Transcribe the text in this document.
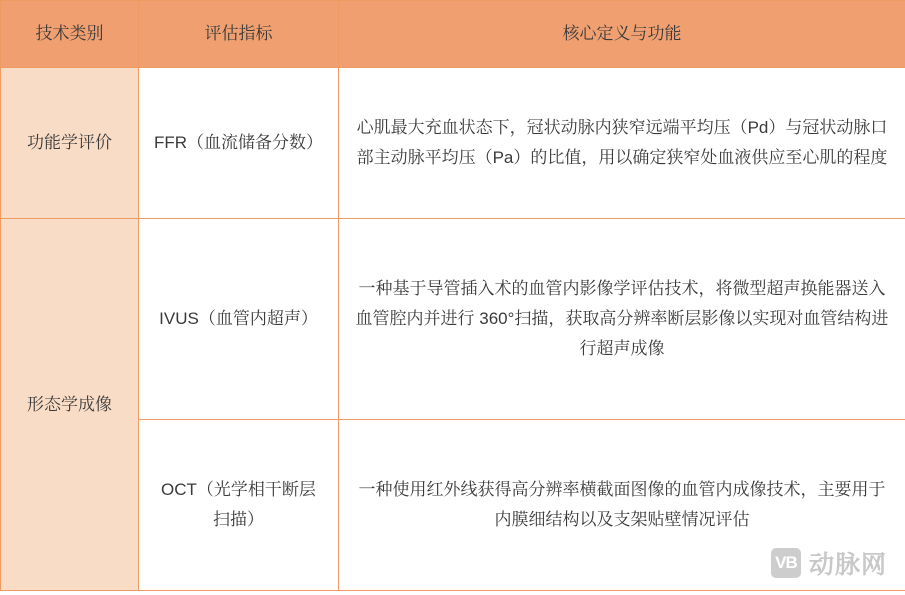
技术类别	评估指标	核心定义与功能
功能学评价	FFR（血流储备分数）	心肌最大充血状态下，冠状动脉内狭窄远端平均压（Pd）与冠状动脉口部主动脉平均压（Pa）的比值，用以确定狭窄处血液供应至心肌的程度
形态学成像	IVUS（血管内超声）	一种基于导管插入术的血管内影像学评估技术，将微型超声换能器送入血管腔内并进行 360°扫描，获取高分辨率断层影像以实现对血管结构进行超声成像
	OCT（光学相干断层扫描）	一种使用红外线获得高分辨率横截面图像的血管内成像技术，主要用于内膜细结构以及支架贴壁情况评估
VB 动脉网
